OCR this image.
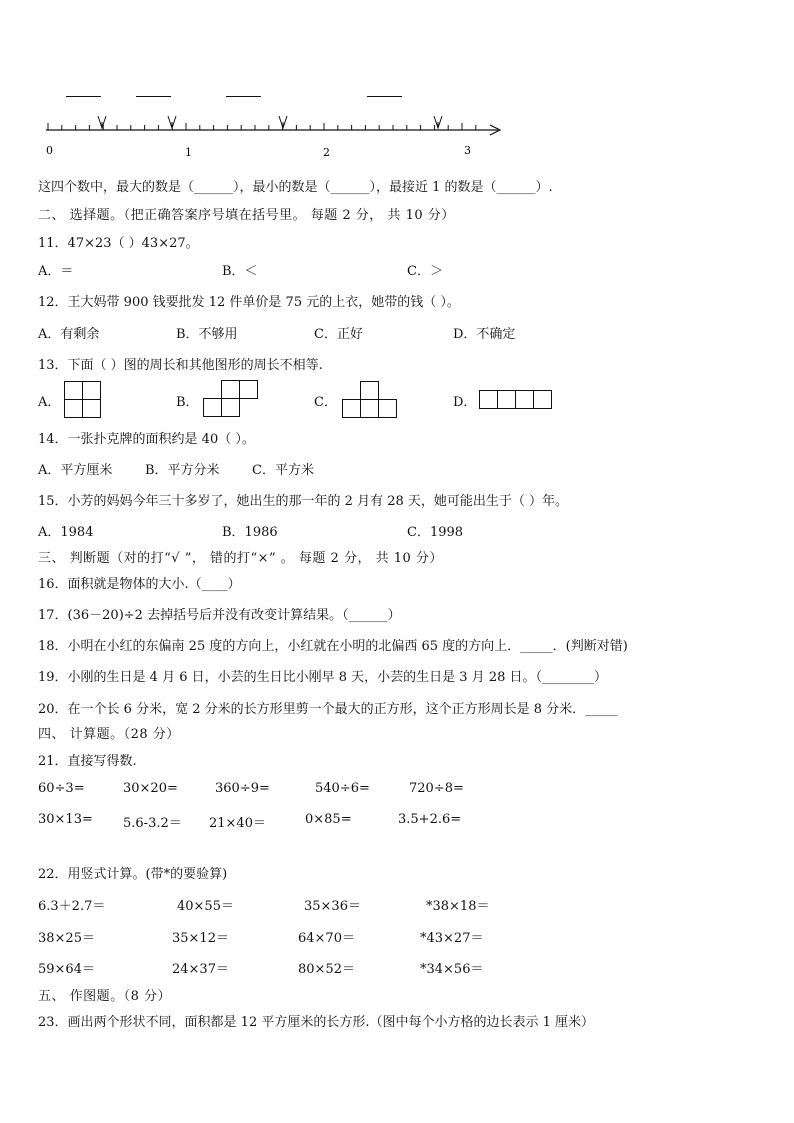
0	1	2	3
这四个数中，最大的数是（______），最小的数是（______），最接近 1 的数是（______）.
二、 选择题。（把正确答案序号填在括号里。 每题 2 分， 共 10 分）
11．47×23（ ）43×27。
A．＝	B．＜	C．＞
12．王大妈带 900 钱要批发 12 件单价是 75 元的上衣，她带的钱（ ）。
A．有剩余	B．不够用	C．正好	D．不确定
13．下面（ ）图的周长和其他图形的周长不相等.
A．	B．	C．	D．
14．一张扑克牌的面积约是 40（ ）。
A．平方厘米	B．平方分米 C．平方米
15．小芳的妈妈今年三十多岁了，她出生的那一年的 2 月有 28 天，她可能出生于（ ）年。
A．1984	B．1986	C．1998
三、 判断题（对的打“√ ”， 错的打“×” 。 每题 2 分， 共 10 分）
16．面积就是物体的大小.（____）
17．(36－20)÷2 去掉括号后并没有改变计算结果。（______）
18．小明在小红的东偏南 25 度的方向上，小红就在小明的北偏西 65 度的方向上．_____．(判断对错)
19．小刚的生日是 4 月 6 日，小芸的生日比小刚早 8 天，小芸的生日是 3 月 28 日。（________）
20．在一个长 6 分米，宽 2 分米的长方形里剪一个最大的正方形，这个正方形周长是 8 分米．_____
四、 计算题。（28 分）
21．直接写得数.
60÷3=	30×20=	360÷9=	540÷6=	720÷8=
30×13= 5.6-3.2＝ 21×40＝	0×85=	3.5+2.6=
22．用竖式计算。(带*的要验算)
6.3＋2.7＝	40×55＝	35×36＝	*38×18＝
38×25＝	35×12＝	64×70＝	*43×27＝
59×64＝	24×37＝	80×52＝	*34×56＝
五、 作图题。（8 分）
23．画出两个形状不同，面积都是 12 平方厘米的长方形.（图中每个小方格的边长表示 1 厘米）
